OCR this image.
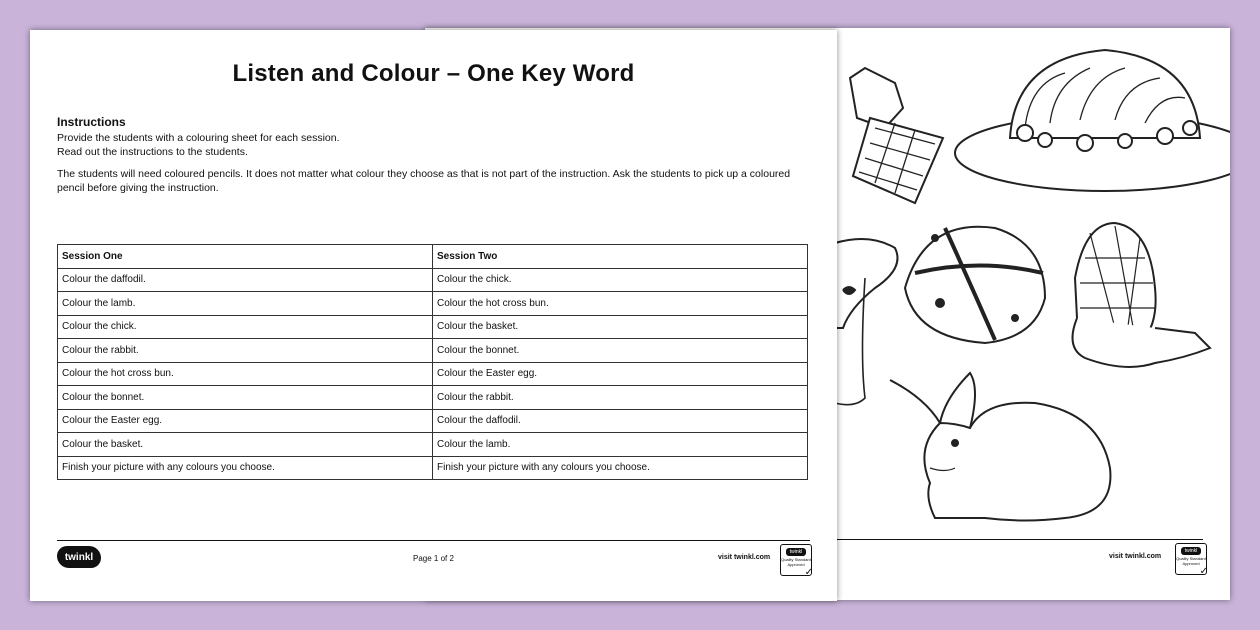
visit twinkl.com
twinkl
Quality Standard
Approved
✓
Listen and Colour – One Key Word
Instructions

Provide the students with a colouring sheet for each session.

Read out the instructions to the students.

The students will need coloured pencils. It does not matter what colour they choose as that is not part of the instruction. Ask the students to pick up a coloured pencil before giving the instruction.

Session One	Session Two
Colour the daffodil.	Colour the chick.
Colour the lamb.	Colour the hot cross bun.
Colour the chick.	Colour the basket.
Colour the rabbit.	Colour the bonnet.
Colour the hot cross bun.	Colour the Easter egg.
Colour the bonnet.	Colour the rabbit.
Colour the Easter egg.	Colour the daffodil.
Colour the basket.	Colour the lamb.
Finish your picture with any colours you choose.	Finish your picture with any colours you choose.
twinkl	Page 1 of 2	visit twinkl.com
twinkl
Quality Standard
Approved
✓
